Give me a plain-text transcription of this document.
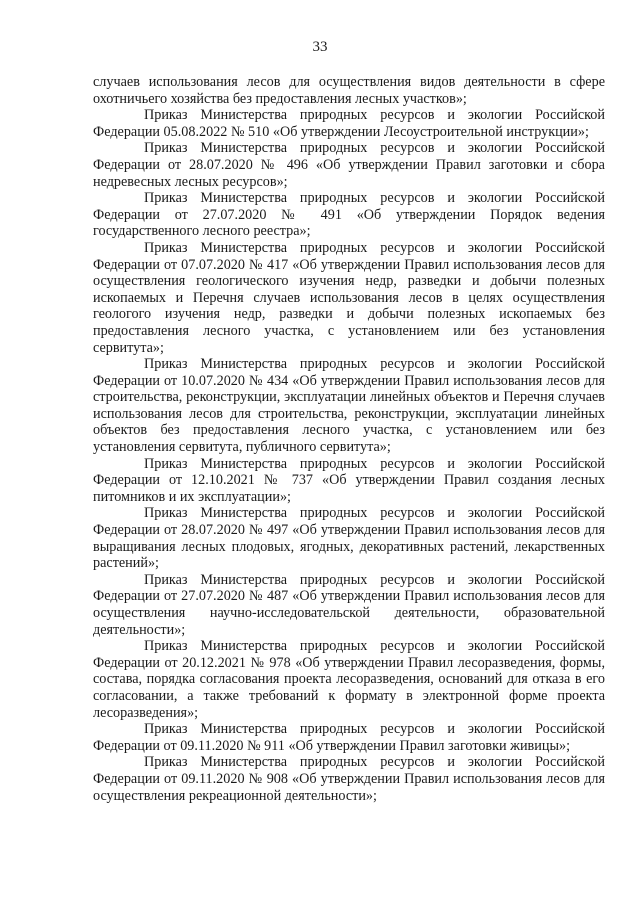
33

случаев использования лесов для осуществления видов деятельности в сфере охотничьего хозяйства без предоставления лесных участков»;

Приказ Министерства природных ресурсов и экологии Российской Федерации 05.08.2022 № 510 «Об утверждении Лесоустроительной инструкции»;

Приказ Министерства природных ресурсов и экологии Российской Федерации от 28.07.2020 № 496 «Об утверждении Правил заготовки и сбора недревесных лесных ресурсов»;

Приказ Министерства природных ресурсов и экологии Российской Федерации от 27.07.2020 № 491 «Об утверждении Порядок ведения государственного лесного реестра»;

Приказ Министерства природных ресурсов и экологии Российской Федерации от 07.07.2020 № 417 «Об утверждении Правил использования лесов для осуществления геологического изучения недр, разведки и добычи полезных ископаемых и Перечня случаев использования лесов в целях осуществления геологого изучения недр, разведки и добычи полезных ископаемых без предоставления лесного участка, с установлением или без установления сервитута»;

Приказ Министерства природных ресурсов и экологии Российской Федерации от 10.07.2020 № 434 «Об утверждении Правил использования лесов для строительства, реконструкции, эксплуатации линейных объектов и Перечня случаев использования лесов для строительства, реконструкции, эксплуатации линейных объектов без предоставления лесного участка, с установлением или без установления сервитута, публичного сервитута»;

Приказ Министерства природных ресурсов и экологии Российской Федерации от 12.10.2021 № 737 «Об утверждении Правил создания лесных питомников и их эксплуатации»;

Приказ Министерства природных ресурсов и экологии Российской Федерации от 28.07.2020 № 497 «Об утверждении Правил использования лесов для выращивания лесных плодовых, ягодных, декоративных растений, лекарственных растений»;

Приказ Министерства природных ресурсов и экологии Российской Федерации от 27.07.2020 № 487 «Об утверждении Правил использования лесов для осуществления научно-исследовательской деятельности, образовательной деятельности»;

Приказ Министерства природных ресурсов и экологии Российской Федерации от 20.12.2021 № 978 «Об утверждении Правил лесоразведения, формы, состава, порядка согласования проекта лесоразведения, оснований для отказа в его согласовании, а также требований к формату в электронной форме проекта лесоразведения»;

Приказ Министерства природных ресурсов и экологии Российской Федерации от 09.11.2020 № 911 «Об утверждении Правил заготовки живицы»;

Приказ Министерства природных ресурсов и экологии Российской Федерации от 09.11.2020 № 908 «Об утверждении Правил использования лесов для осуществления рекреационной деятельности»;
